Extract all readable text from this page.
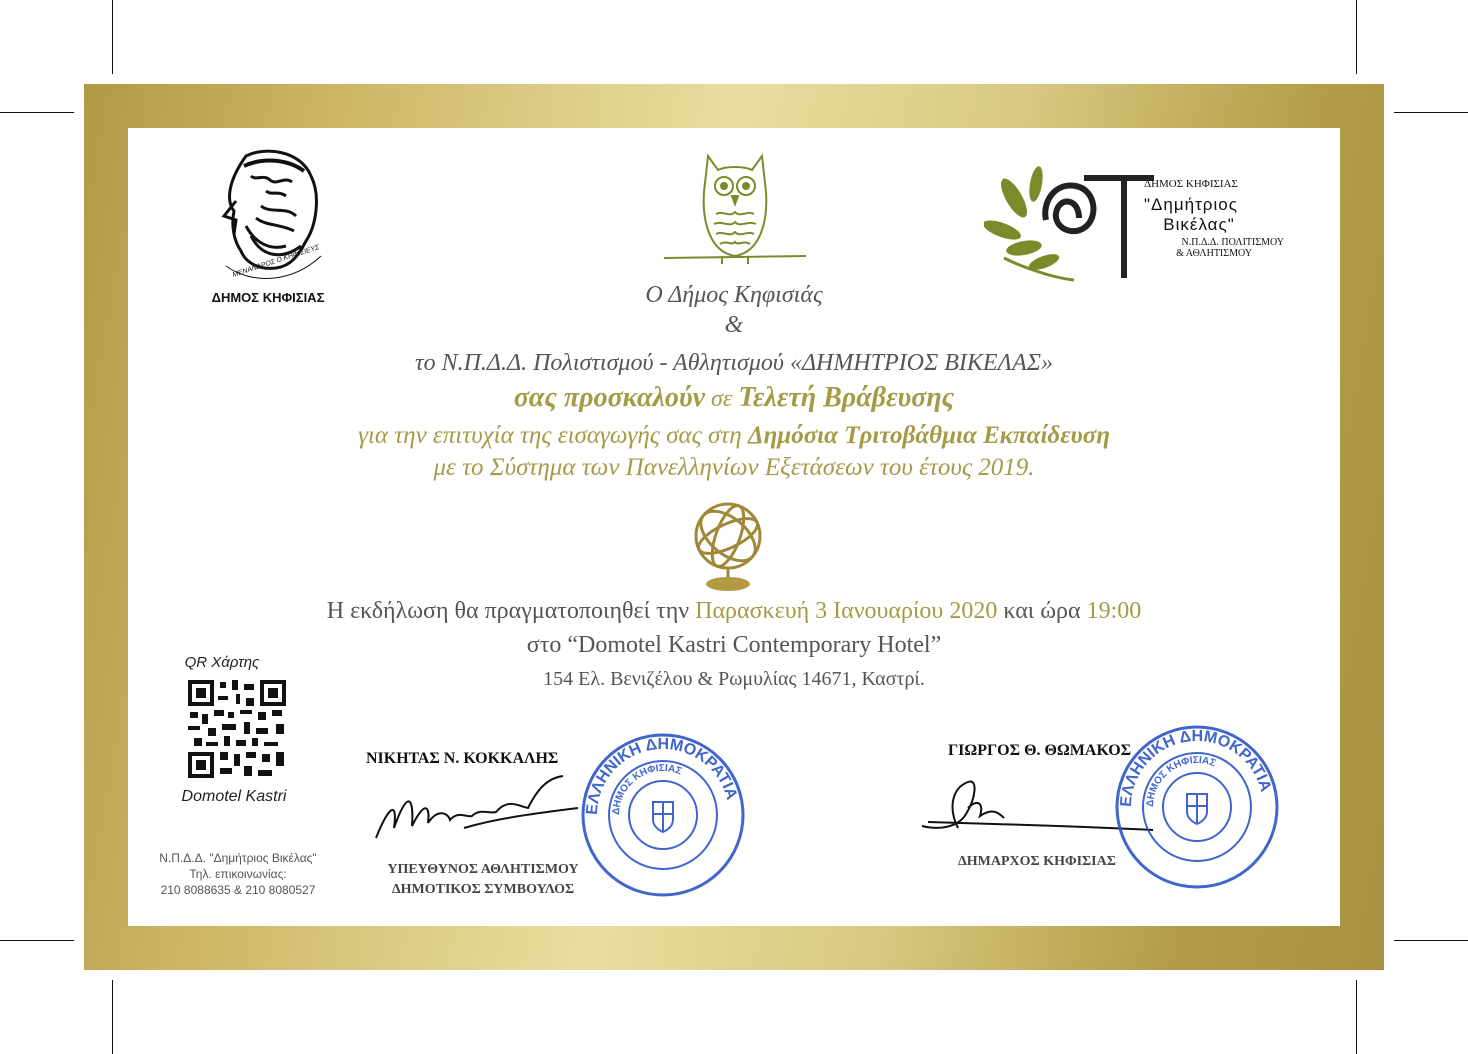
ΜΕΝΑΝΔΡΟΣ Ο ΚΗΦΙΣΙΕΥΣ
ΔΗΜΟΣ ΚΗΦΙΣΙΑΣ
ΔΗΜΟΣ ΚΗΦΙΣΙΑΣ
"Δημήτριος
Βικέλας"
Ν.Π.Δ.Δ. ΠΟΛΙΤΙΣΜΟΥ
& ΑΘΛΗΤΙΣΜΟΥ
Ο Δήμος Κηφισιάς
&
το Ν.Π.Δ.Δ. Πολιστισμού - Αθλητισμού «ΔΗΜΗΤΡΙΟΣ ΒΙΚΕΛΑΣ»
σας προσκαλούν σε Τελετή Βράβευσης
για την επιτυχία της εισαγωγής σας στη Δημόσια Τριτοβάθμια Εκπαίδευση
με το Σύστημα των Πανελληνίων Εξετάσεων του έτους 2019.
Η εκδήλωση θα πραγματοποιηθεί την Παρασκευή 3 Ιανουαρίου 2020 και ώρα 19:00
στο “Domotel Kastri Contemporary Hotel”
154 Ελ. Βενιζέλου & Ρωμυλίας 14671, Καστρί.
QR Χάρτης
Domotel Kastri
Ν.Π.Δ.Δ. "Δημήτριος Βικέλας"
Τηλ. επικοινωνίας:
210 8088635 & 210 8080527
ΝΙΚΗΤΑΣ Ν. ΚΟΚΚΑΛΗΣ
ΥΠΕΥΘΥΝΟΣ ΑΘΛΗΤΙΣΜΟΥ
ΔΗΜΟΤΙΚΟΣ ΣΥΜΒΟΥΛΟΣ
ΕΛΛΗΝΙΚΗ ΔΗΜΟΚΡΑΤΙΑ
ΔΗΜΟΣ ΚΗΦΙΣΙΑΣ
ΓΙΩΡΓΟΣ Θ. ΘΩΜΑΚΟΣ
ΔΗΜΑΡΧΟΣ ΚΗΦΙΣΙΑΣ
ΕΛΛΗΝΙΚΗ ΔΗΜΟΚΡΑΤΙΑ
ΔΗΜΟΣ ΚΗΦΙΣΙΑΣ
